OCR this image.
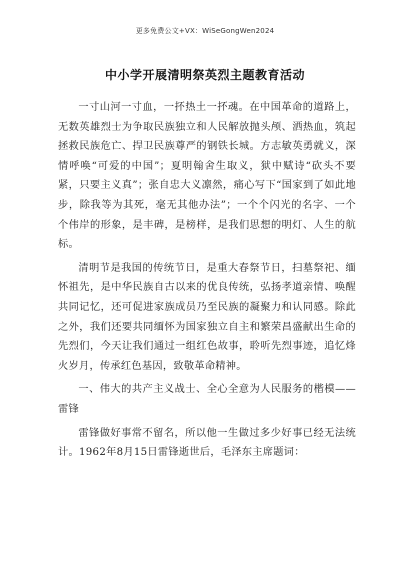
更多免费公文+VX：WiSeGongWen2024
中小学开展清明祭英烈主题教育活动

一寸山河一寸血，一抔热土一抔魂。在中国革命的道路上，无数英雄烈士为争取民族独立和人民解放抛头颅、洒热血，筑起拯救民族危亡、捍卫民族尊严的钢铁长城。方志敏英勇就义，深情呼唤“可爱的中国”；夏明翰舍生取义，狱中赋诗“砍头不要紧，只要主义真”；张自忠大义凛然，痛心写下“国家到了如此地步，除我等为其死，毫无其他办法”；一个个闪光的名字、一个个伟岸的形象，是丰碑，是榜样，是我们思想的明灯、人生的航标。

清明节是我国的传统节日，是重大春祭节日，扫墓祭祀、缅怀祖先，是中华民族自古以来的优良传统，弘扬孝道亲情、唤醒共同记忆，还可促进家族成员乃至民族的凝聚力和认同感。除此之外，我们还要共同缅怀为国家独立自主和繁荣昌盛献出生命的先烈们，今天让我们通过一组红色故事，聆听先烈事迹，追忆烽火岁月，传承红色基因，致敬革命精神。

一、伟大的共产主义战士、全心全意为人民服务的楷模——雷锋

雷锋做好事常不留名，所以他一生做过多少好事已经无法统计。1962年8月15日雷锋逝世后，毛泽东主席题词：
